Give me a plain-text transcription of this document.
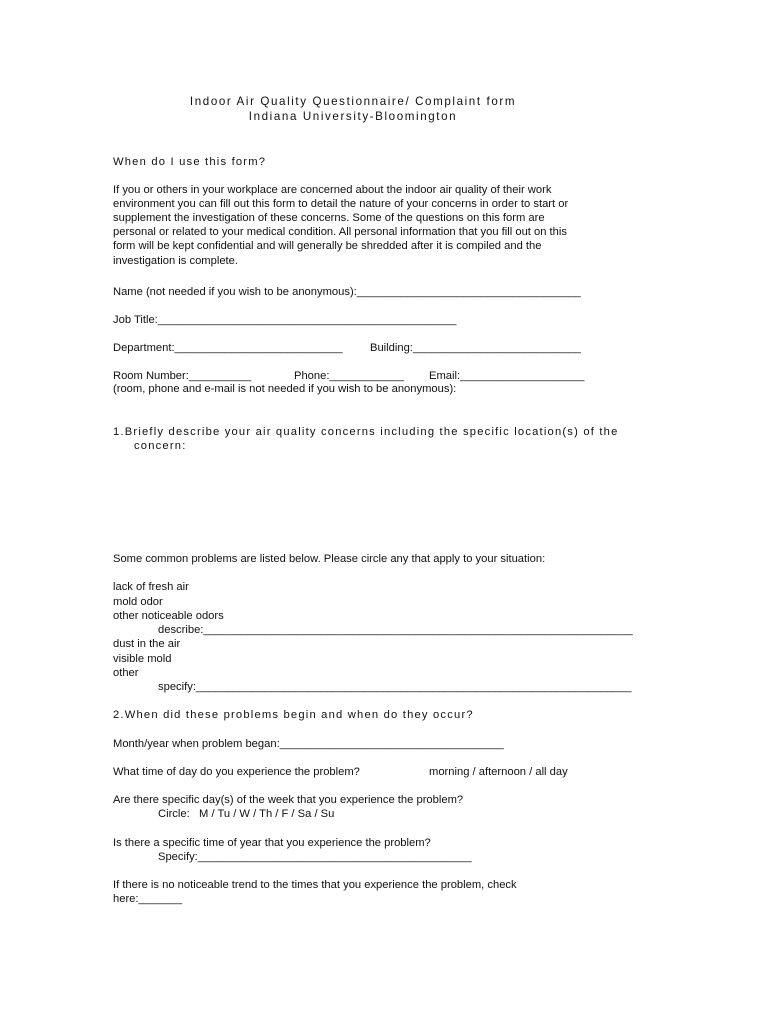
Indoor Air Quality Questionnaire/ Complaint form
Indiana University-Bloomington
When do I use this form?
If you or others in your workplace are concerned about the indoor air quality of their work
environment you can fill out this form to detail the nature of your concerns in order to start or
supplement the investigation of these concerns. Some of the questions on this form are
personal or related to your medical condition. All personal information that you fill out on this
form will be kept confidential and will generally be shredded after it is compiled and the
investigation is complete.
Name (not needed if you wish to be anonymous):____________________________________
Job Title:________________________________________________
Department:___________________________ Building:___________________________
Room Number:__________	Phone:____________ Email:____________________
(room, phone and e-mail is not needed if you wish to be anonymous):
1.Briefly describe your air quality concerns including the specific location(s) of the
concern:
Some common problems are listed below. Please circle any that apply to your situation:
lack of fresh air
mold odor
other noticeable odors
describe:_____________________________________________________________________
dust in the air
visible mold
other
specify:______________________________________________________________________
2.When did these problems begin and when do they occur?
Month/year when problem began:____________________________________
What time of day do you experience the problem?	morning / afternoon / all day
Are there specific day(s) of the week that you experience the problem?
Circle:   M / Tu / W / Th / F / Sa / Su
Is there a specific time of year that you experience the problem?
Specify:____________________________________________
If there is no noticeable trend to the times that you experience the problem, check
here:_______
